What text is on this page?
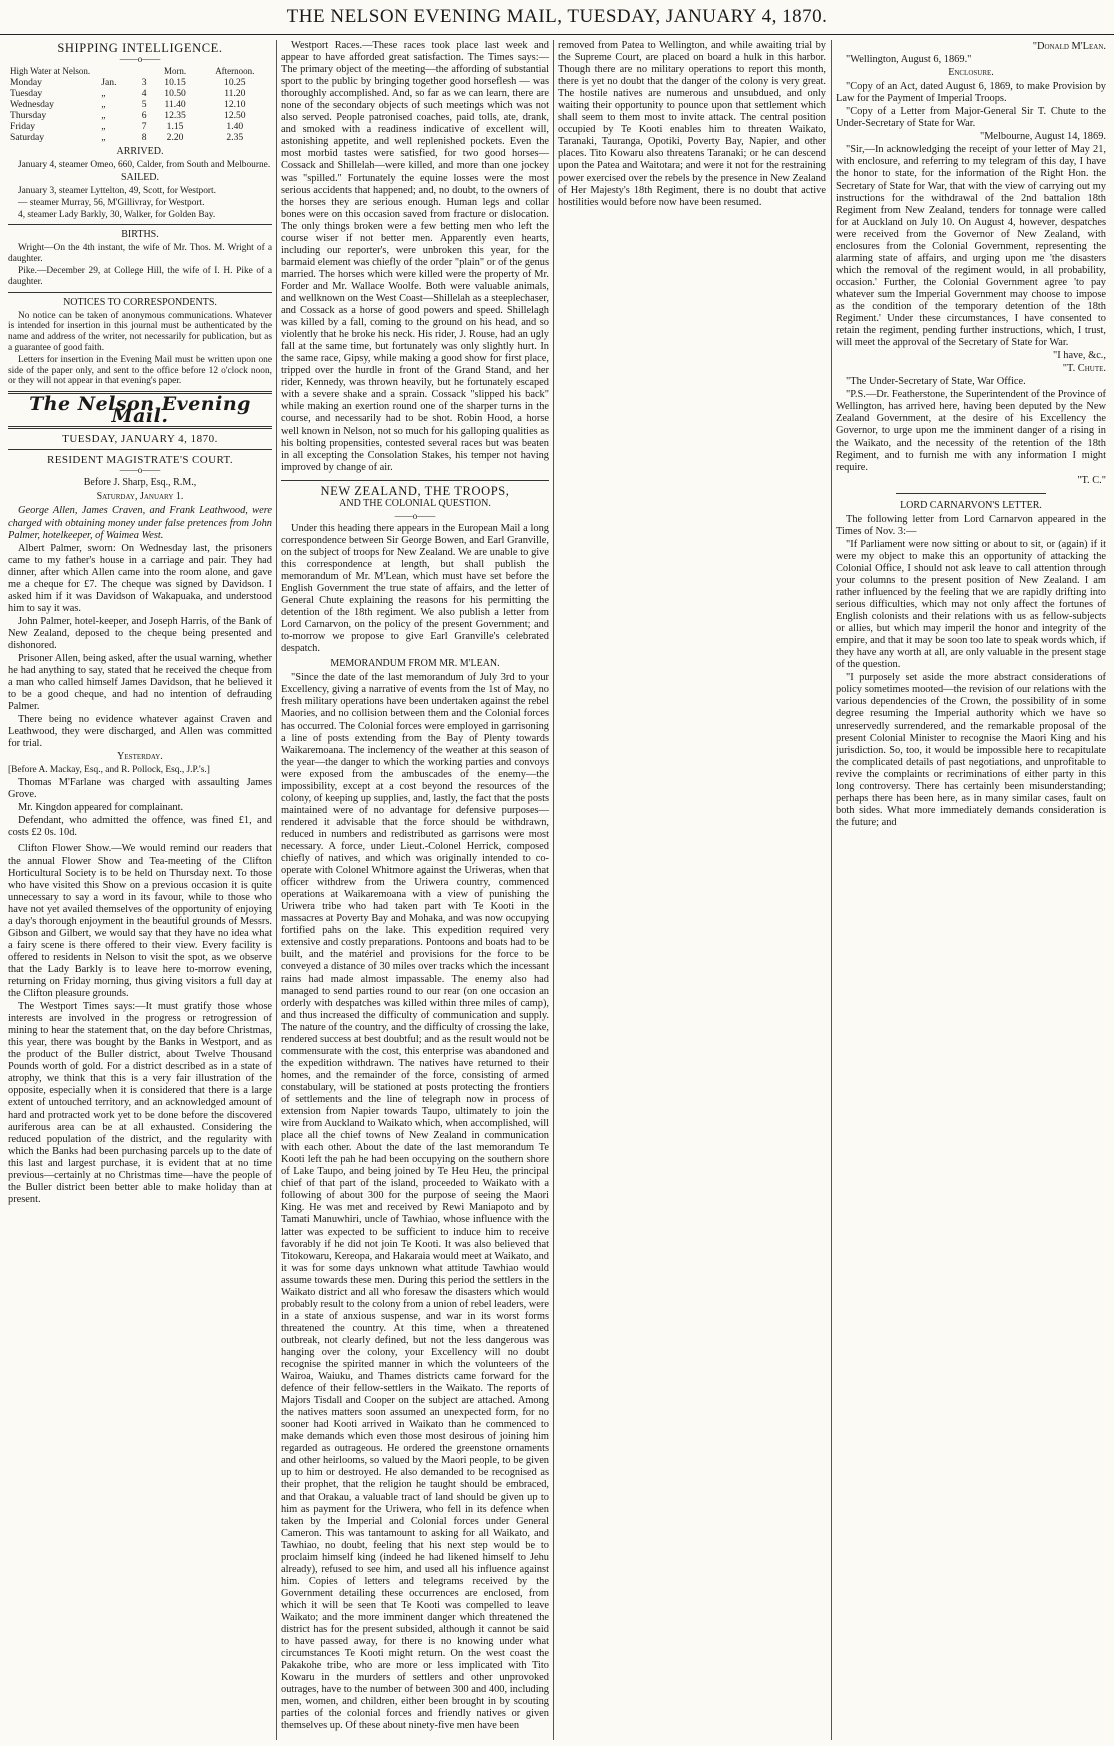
THE NELSON EVENING MAIL, TUESDAY, JANUARY 4, 1870.
SHIPPING INTELLIGENCE.
——o——
High Water at Nelson.			Morn.	Afternoon.
Monday	Jan.	3	10.15	10.25
Tuesday	„	4	10.50	11.20
Wednesday	„	5	11.40	12.10
Thursday	„	6	12.35	12.50
Friday	„	7	1.15	1.40
Saturday	„	8	2.20	2.35
ARRIVED.

January 4, steamer Omeo, 660, Calder, from South and Melbourne.

SAILED.

January 3, steamer Lyttelton, 49, Scott, for Westport.

— steamer Murray, 56, M'Gillivray, for Westport.

4, steamer Lady Barkly, 30, Walker, for Golden Bay.

BIRTHS.

Wright—On the 4th instant, the wife of Mr. Thos. M. Wright of a daughter.

Pike.—December 29, at College Hill, the wife of I. H. Pike of a daughter.

NOTICES TO CORRESPONDENTS.

No notice can be taken of anonymous communications. Whatever is intended for insertion in this journal must be authenticated by the name and address of the writer, not necessarily for publication, but as a guarantee of good faith.

Letters for insertion in the Evening Mail must be written upon one side of the paper only, and sent to the office before 12 o'clock noon, or they will not appear in that evening's paper.

The Nelson Evening Mail.
TUESDAY, JANUARY 4, 1870.
RESIDENT MAGISTRATE'S COURT.
——o——
Before J. Sharp, Esq., R.M.,
Saturday, January 1.

George Allen, James Craven, and Frank Leathwood, were charged with obtaining money under false pretences from John Palmer, hotelkeeper, of Waimea West.

Albert Palmer, sworn: On Wednesday last, the prisoners came to my father's house in a carriage and pair. They had dinner, after which Allen came into the room alone, and gave me a cheque for £7. The cheque was signed by Davidson. I asked him if it was Davidson of Wakapuaka, and understood him to say it was.

John Palmer, hotel-keeper, and Joseph Harris, of the Bank of New Zealand, deposed to the cheque being presented and dishonored.

Prisoner Allen, being asked, after the usual warning, whether he had anything to say, stated that he received the cheque from a man who called himself James Davidson, that he believed it to be a good cheque, and had no intention of defrauding Palmer.

There being no evidence whatever against Craven and Leathwood, they were discharged, and Allen was committed for trial.

Yesterday.

[Before A. Mackay, Esq., and R. Pollock, Esq., J.P.'s.]

Thomas M'Farlane was charged with assaulting James Grove.

Mr. Kingdon appeared for complainant.

Defendant, who admitted the offence, was fined £1, and costs £2 0s. 10d.

Clifton Flower Show.—We would remind our readers that the annual Flower Show and Tea-meeting of the Clifton Horticultural Society is to be held on Thursday next. To those who have visited this Show on a previous occasion it is quite unnecessary to say a word in its favour, while to those who have not yet availed themselves of the opportunity of enjoying a day's thorough enjoyment in the beautiful grounds of Messrs. Gibson and Gilbert, we would say that they have no idea what a fairy scene is there offered to their view. Every facility is offered to residents in Nelson to visit the spot, as we observe that the Lady Barkly is to leave here to-morrow evening, returning on Friday morning, thus giving visitors a full day at the Clifton pleasure grounds.

The Westport Times says:—It must gratify those whose interests are involved in the progress or retrogression of mining to hear the statement that, on the day before Christmas, this year, there was bought by the Banks in Westport, and as the product of the Buller district, about Twelve Thousand Pounds worth of gold. For a district described as in a state of atrophy, we think that this is a very fair illustration of the opposite, especially when it is considered that there is a large extent of untouched territory, and an acknowledged amount of hard and protracted work yet to be done before the discovered auriferous area can be at all exhausted. Considering the reduced population of the district, and the regularity with which the Banks had been purchasing parcels up to the date of this last and largest purchase, it is evident that at no time previous—certainly at no Christmas time—have the people of the Buller district been better able to make holiday than at present.

Westport Races.—These races took place last week and appear to have afforded great satisfaction. The Times says:—The primary object of the meeting—the affording of substantial sport to the public by bringing together good horseflesh — was thoroughly accomplished. And, so far as we can learn, there are none of the secondary objects of such meetings which was not also served. People patronised coaches, paid tolls, ate, drank, and smoked with a readiness indicative of excellent will, astonishing appetite, and well replenished pockets. Even the most morbid tastes were satisfied, for two good horses—Cossack and Shillelah—were killed, and more than one jockey was "spilled." Fortunately the equine losses were the most serious accidents that happened; and, no doubt, to the owners of the horses they are serious enough. Human legs and collar bones were on this occasion saved from fracture or dislocation. The only things broken were a few betting men who left the course wiser if not better men. Apparently even hearts, including our reporter's, were unbroken this year, for the barmaid element was chiefly of the order "plain" or of the genus married. The horses which were killed were the property of Mr. Forder and Mr. Wallace Woolfe. Both were valuable animals, and wellknown on the West Coast—Shillelah as a steeplechaser, and Cossack as a horse of good powers and speed. Shillelagh was killed by a fall, coming to the ground on his head, and so violently that he broke his neck. His rider, J. Rouse, had an ugly fall at the same time, but fortunately was only slightly hurt. In the same race, Gipsy, while making a good show for first place, tripped over the hurdle in front of the Grand Stand, and her rider, Kennedy, was thrown heavily, but he fortunately escaped with a severe shake and a sprain. Cossack "slipped his back" while making an exertion round one of the sharper turns in the course, and necessarily had to be shot. Robin Hood, a horse well known in Nelson, not so much for his galloping qualities as his bolting propensities, contested several races but was beaten in all excepting the Consolation Stakes, his temper not having improved by change of air.

NEW ZEALAND, THE TROOPS,
AND THE COLONIAL QUESTION.
——o——

Under this heading there appears in the European Mail a long correspondence between Sir George Bowen, and Earl Granville, on the subject of troops for New Zealand. We are unable to give this correspondence at length, but shall publish the memorandum of Mr. M'Lean, which must have set before the English Government the true state of affairs, and the letter of General Chute explaining the reasons for his permitting the detention of the 18th regiment. We also publish a letter from Lord Carnarvon, on the policy of the present Government; and to-morrow we propose to give Earl Granville's celebrated despatch.

MEMORANDUM FROM MR. M'LEAN.

"Since the date of the last memorandum of July 3rd to your Excellency, giving a narrative of events from the 1st of May, no fresh military operations have been undertaken against the rebel Maories, and no collision between them and the Colonial forces has occurred. The Colonial forces were employed in garrisoning a line of posts extending from the Bay of Plenty towards Waikaremoana. The inclemency of the weather at this season of the year—the danger to which the working parties and convoys were exposed from the ambuscades of the enemy—the impossibility, except at a cost beyond the resources of the colony, of keeping up supplies, and, lastly, the fact that the posts maintained were of no advantage for defensive purposes—rendered it advisable that the force should be withdrawn, reduced in numbers and redistributed as garrisons were most necessary. A force, under Lieut.-Colonel Herrick, composed chiefly of natives, and which was originally intended to co-operate with Colonel Whitmore against the Uriweras, when that officer withdrew from the Uriwera country, commenced operations at Waikaremoana with a view of punishing the Uriwera tribe who had taken part with Te Kooti in the massacres at Poverty Bay and Mohaka, and was now occupying fortified pahs on the lake. This expedition required very extensive and costly preparations. Pontoons and boats had to be built, and the matériel and provisions for the force to be conveyed a distance of 30 miles over tracks which the incessant rains had made almost impassable. The enemy also had managed to send parties round to our rear (on one occasion an orderly with despatches was killed within three miles of camp), and thus increased the difficulty of communication and supply. The nature of the country, and the difficulty of crossing the lake, rendered success at best doubtful; and as the result would not be commensurate with the cost, this enterprise was abandoned and the expedition withdrawn. The natives have returned to their homes, and the remainder of the force, consisting of armed constabulary, will be stationed at posts protecting the frontiers of settlements and the line of telegraph now in process of extension from Napier towards Taupo, ultimately to join the wire from Auckland to Waikato which, when accomplished, will place all the chief towns of New Zealand in communication with each other. About the date of the last memorandum Te Kooti left the pah he had been occupying on the southern shore of Lake Taupo, and being joined by Te Heu Heu, the principal chief of that part of the island, proceeded to Waikato with a following of about 300 for the purpose of seeing the Maori King. He was met and received by Rewi Maniapoto and by Tamati Manuwhiri, uncle of Tawhiao, whose influence with the latter was expected to be sufficient to induce him to receive favorably if he did not join Te Kooti. It was also believed that Titokowaru, Kereopa, and Hakaraia would meet at Waikato, and it was for some days unknown what attitude Tawhiao would assume towards these men. During this period the settlers in the Waikato district and all who foresaw the disasters which would probably result to the colony from a union of rebel leaders, were in a state of anxious suspense, and war in its worst forms threatened the country. At this time, when a threatened outbreak, not clearly defined, but not the less dangerous was hanging over the colony, your Excellency will no doubt recognise the spirited manner in which the volunteers of the Wairoa, Waiuku, and Thames districts came forward for the defence of their fellow-settlers in the Waikato. The reports of Majors Tisdall and Cooper on the subject are attached. Among the natives matters soon assumed an unexpected form, for no sooner had Kooti arrived in Waikato than he commenced to make demands which even those most desirous of joining him regarded as outrageous. He ordered the greenstone ornaments and other heirlooms, so valued by the Maori people, to be given up to him or destroyed. He also demanded to be recognised as their prophet, that the religion he taught should be embraced, and that Orakau, a valuable tract of land should be given up to him as payment for the Uriwera, who fell in its defence when taken by the Imperial and Colonial forces under General Cameron. This was tantamount to asking for all Waikato, and Tawhiao, no doubt, feeling that his next step would be to proclaim himself king (indeed he had likened himself to Jehu already), refused to see him, and used all his influence against him. Copies of letters and telegrams received by the Government detailing these occurrences are enclosed, from which it will be seen that Te Kooti was compelled to leave Waikato; and the more imminent danger which threatened the district has for the present subsided, although it cannot be said to have passed away, for there is no knowing under what circumstances Te Kooti might return. On the west coast the Pakakohe tribe, who are more or less implicated with Tito Kowaru in the murders of settlers and other unprovoked outrages, have to the number of between 300 and 400, including men, women, and children, either been brought in by scouting parties of the colonial forces and friendly natives or given themselves up. Of these about ninety-five men have been

removed from Patea to Wellington, and while awaiting trial by the Supreme Court, are placed on board a hulk in this harbor. Though there are no military operations to report this month, there is yet no doubt that the danger of the colony is very great. The hostile natives are numerous and unsubdued, and only waiting their opportunity to pounce upon that settlement which shall seem to them most to invite attack. The central position occupied by Te Kooti enables him to threaten Waikato, Taranaki, Tauranga, Opotiki, Poverty Bay, Napier, and other places. Tito Kowaru also threatens Taranaki; or he can descend upon the Patea and Waitotara; and were it not for the restraining power exercised over the rebels by the presence in New Zealand of Her Majesty's 18th Regiment, there is no doubt that active hostilities would before now have been resumed.

"Donald M'Lean.

"Wellington, August 6, 1869."

Enclosure.

"Copy of an Act, dated August 6, 1869, to make Provision by Law for the Payment of Imperial Troops.

"Copy of a Letter from Major-General Sir T. Chute to the Under-Secretary of State for War.

"Melbourne, August 14, 1869.

"Sir,—In acknowledging the receipt of your letter of May 21, with enclosure, and referring to my telegram of this day, I have the honor to state, for the information of the Right Hon. the Secretary of State for War, that with the view of carrying out my instructions for the withdrawal of the 2nd battalion 18th Regiment from New Zealand, tenders for tonnage were called for at Auckland on July 10. On August 4, however, despatches were received from the Governor of New Zealand, with enclosures from the Colonial Government, representing the alarming state of affairs, and urging upon me 'the disasters which the removal of the regiment would, in all probability, occasion.' Further, the Colonial Government agree 'to pay whatever sum the Imperial Government may choose to impose as the condition of the temporary detention of the 18th Regiment.' Under these circumstances, I have consented to retain the regiment, pending further instructions, which, I trust, will meet the approval of the Secretary of State for War.

"I have, &c.,

"T. Chute.

"The Under-Secretary of State, War Office.

"P.S.—Dr. Featherstone, the Superintendent of the Province of Wellington, has arrived here, having been deputed by the New Zealand Government, at the desire of his Excellency the Governor, to urge upon me the imminent danger of a rising in the Waikato, and the necessity of the retention of the 18th Regiment, and to furnish me with any information I might require.

"T. C."

LORD CARNARVON'S LETTER.

The following letter from Lord Carnarvon appeared in the Times of Nov. 3:—

"If Parliament were now sitting or about to sit, or (again) if it were my object to make this an opportunity of attacking the Colonial Office, I should not ask leave to call attention through your columns to the present position of New Zealand. I am rather influenced by the feeling that we are rapidly drifting into serious difficulties, which may not only affect the fortunes of English colonists and their relations with us as fellow-subjects or allies, but which may imperil the honor and integrity of the empire, and that it may be soon too late to speak words which, if they have any worth at all, are only valuable in the present stage of the question.

"I purposely set aside the more abstract considerations of policy sometimes mooted—the revision of our relations with the various dependencies of the Crown, the possibility of in some degree resuming the Imperial authority which we have so unreservedly surrendered, and the remarkable proposal of the present Colonial Minister to recognise the Maori King and his jurisdiction. So, too, it would be impossible here to recapitulate the complicated details of past negotiations, and unprofitable to revive the complaints or recriminations of either party in this long controversy. There has certainly been misunderstanding; perhaps there has been here, as in many similar cases, fault on both sides. What more immediately demands consideration is the future; and
